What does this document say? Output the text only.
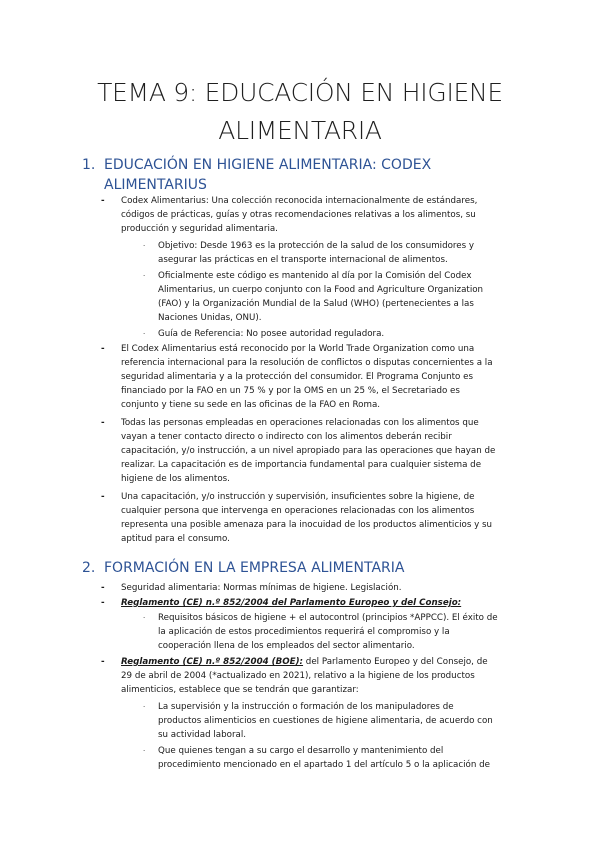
TEMA 9: EDUCACIÓN EN HIGIENE ALIMENTARIA
1. EDUCACIÓN EN HIGIENE ALIMENTARIA: CODEX ALIMENTARIUS
- Codex Alimentarius: Una colección reconocida internacionalmente de estándares, códigos de prácticas, guías y otras recomendaciones relativas a los alimentos, su producción y seguridad alimentaria.
· Objetivo: Desde 1963 es la protección de la salud de los consumidores y asegurar las prácticas en el transporte internacional de alimentos.
· Oficialmente este código es mantenido al día por la Comisión del Codex Alimentarius, un cuerpo conjunto con la Food and Agriculture Organization (FAO) y la Organización Mundial de la Salud (WHO) (pertenecientes a las Naciones Unidas, ONU).
· Guía de Referencia: No posee autoridad reguladora.
- El Codex Alimentarius está reconocido por la World Trade Organization como una referencia internacional para la resolución de conflictos o disputas concernientes a la seguridad alimentaria y a la protección del consumidor. El Programa Conjunto es financiado por la FAO en un 75 % y por la OMS en un 25 %, el Secretariado es conjunto y tiene su sede en las oficinas de la FAO en Roma.
- Todas las personas empleadas en operaciones relacionadas con los alimentos que vayan a tener contacto directo o indirecto con los alimentos deberán recibir capacitación, y/o instrucción, a un nivel apropiado para las operaciones que hayan de realizar. La capacitación es de importancia fundamental para cualquier sistema de higiene de los alimentos.
- Una capacitación, y/o instrucción y supervisión, insuficientes sobre la higiene, de cualquier persona que intervenga en operaciones relacionadas con los alimentos representa una posible amenaza para la inocuidad de los productos alimenticios y su aptitud para el consumo.
2. FORMACIÓN EN LA EMPRESA ALIMENTARIA
- Seguridad alimentaria: Normas mínimas de higiene. Legislación.
- Reglamento (CE) n.º 852/2004 del Parlamento Europeo y del Consejo:
· Requisitos básicos de higiene + el autocontrol (principios *APPCC). El éxito de la aplicación de estos procedimientos requerirá el compromiso y la cooperación llena de los empleados del sector alimentario.
- Reglamento (CE) n.º 852/2004 (BOE): del Parlamento Europeo y del Consejo, de 29 de abril de 2004 (*actualizado en 2021), relativo a la higiene de los productos alimenticios, establece que se tendrán que garantizar:
· La supervisión y la instrucción o formación de los manipuladores de productos alimenticios en cuestiones de higiene alimentaria, de acuerdo con su actividad laboral.
· Que quienes tengan a su cargo el desarrollo y mantenimiento del procedimiento mencionado en el apartado 1 del artículo 5 o la aplicación de
